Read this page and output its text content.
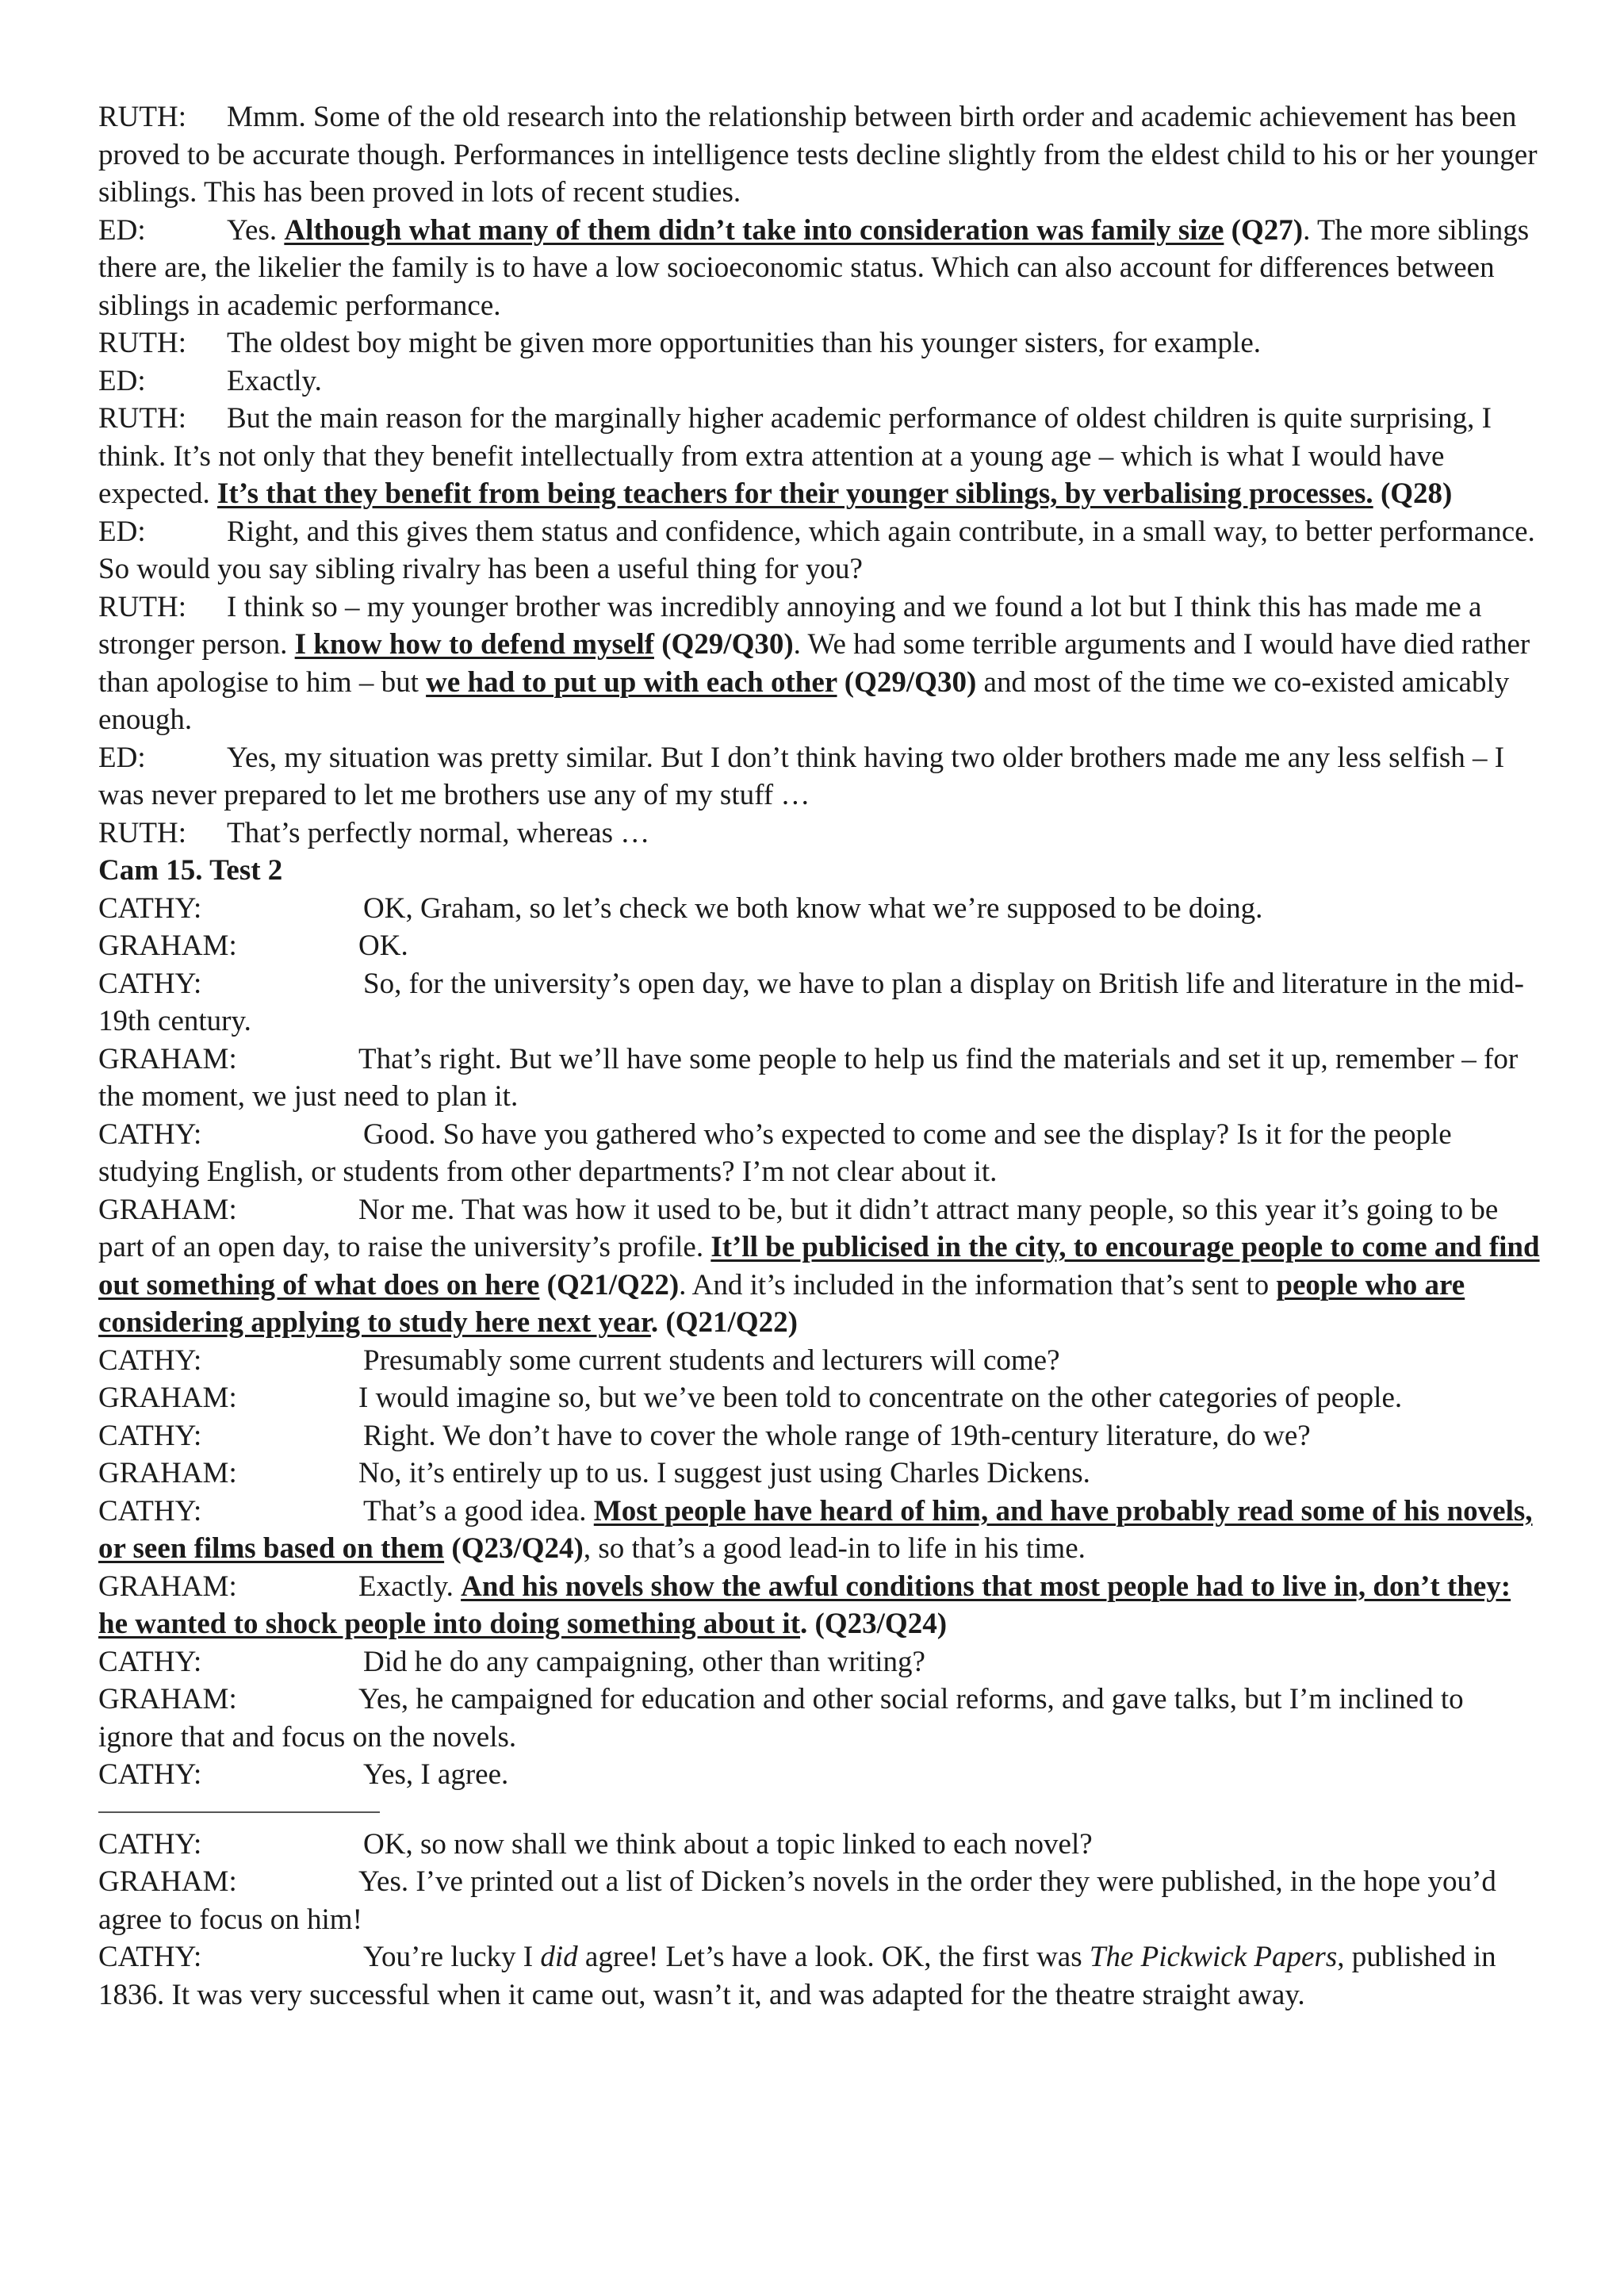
RUTH: Mmm. Some of the old research into the relationship between birth order and academic achievement has been proved to be accurate though. Performances in intelligence tests decline slightly from the eldest child to his or her younger siblings. This has been proved in lots of recent studies.

ED:	Yes. Although what many of them didn’t take into consideration was family size (Q27). The more siblings there are, the likelier the family is to have a low socioeconomic status. Which can also account for differences between siblings in academic performance.

RUTH: The oldest boy might be given more opportunities than his younger sisters, for example.

ED:	Exactly.

RUTH: But the main reason for the marginally higher academic performance of oldest children is quite surprising, I think. It’s not only that they benefit intellectually from extra attention at a young age – which is what I would have expected. It’s that they benefit from being teachers for their younger siblings, by verbalising processes. (Q28)

ED:	Right, and this gives them status and confidence, which again contribute, in a small way, to better performance.

So would you say sibling rivalry has been a useful thing for you?

RUTH: I think so – my younger brother was incredibly annoying and we found a lot but I think this has made me a stronger person. I know how to defend myself (Q29/Q30). We had some terrible arguments and I would have died rather than apologise to him – but we had to put up with each other (Q29/Q30) and most of the time we co-existed amicably enough.

ED:	Yes, my situation was pretty similar. But I don’t think having two older brothers made me any less selfish – I was never prepared to let me brothers use any of my stuff …

RUTH: That’s perfectly normal, whereas …

Cam 15. Test 2

CATHY:	OK, Graham, so let’s check we both know what we’re supposed to be doing.

GRAHAM:	OK.

CATHY:	So, for the university’s open day, we have to plan a display on British life and literature in the mid-19th century.

GRAHAM:	That’s right. But we’ll have some people to help us find the materials and set it up, remember – for the moment, we just need to plan it.

CATHY:	Good. So have you gathered who’s expected to come and see the display? Is it for the people studying English, or students from other departments? I’m not clear about it.

GRAHAM:	Nor me. That was how it used to be, but it didn’t attract many people, so this year it’s going to be part of an open day, to raise the university’s profile. It’ll be publicised in the city, to encourage people to come and find out something of what does on here (Q21/Q22). And it’s included in the information that’s sent to people who are considering applying to study here next year. (Q21/Q22)

CATHY:	Presumably some current students and lecturers will come?

GRAHAM:	I would imagine so, but we’ve been told to concentrate on the other categories of people.

CATHY:	Right. We don’t have to cover the whole range of 19th-century literature, do we?

GRAHAM:	No, it’s entirely up to us. I suggest just using Charles Dickens.

CATHY:	That’s a good idea. Most people have heard of him, and have probably read some of his novels, or seen films based on them (Q23/Q24), so that’s a good lead-in to life in his time.

GRAHAM:	Exactly. And his novels show the awful conditions that most people had to live in, don’t they: he wanted to shock people into doing something about it. (Q23/Q24)

CATHY:	Did he do any campaigning, other than writing?

GRAHAM:	Yes, he campaigned for education and other social reforms, and gave talks, but I’m inclined to ignore that and focus on the novels.

CATHY:	Yes, I agree.

CATHY:	OK, so now shall we think about a topic linked to each novel?

GRAHAM:	Yes. I’ve printed out a list of Dicken’s novels in the order they were published, in the hope you’d agree to focus on him!

CATHY:	You’re lucky I did agree! Let’s have a look. OK, the first was The Pickwick Papers, published in 1836. It was very successful when it came out, wasn’t it, and was adapted for the theatre straight away.
